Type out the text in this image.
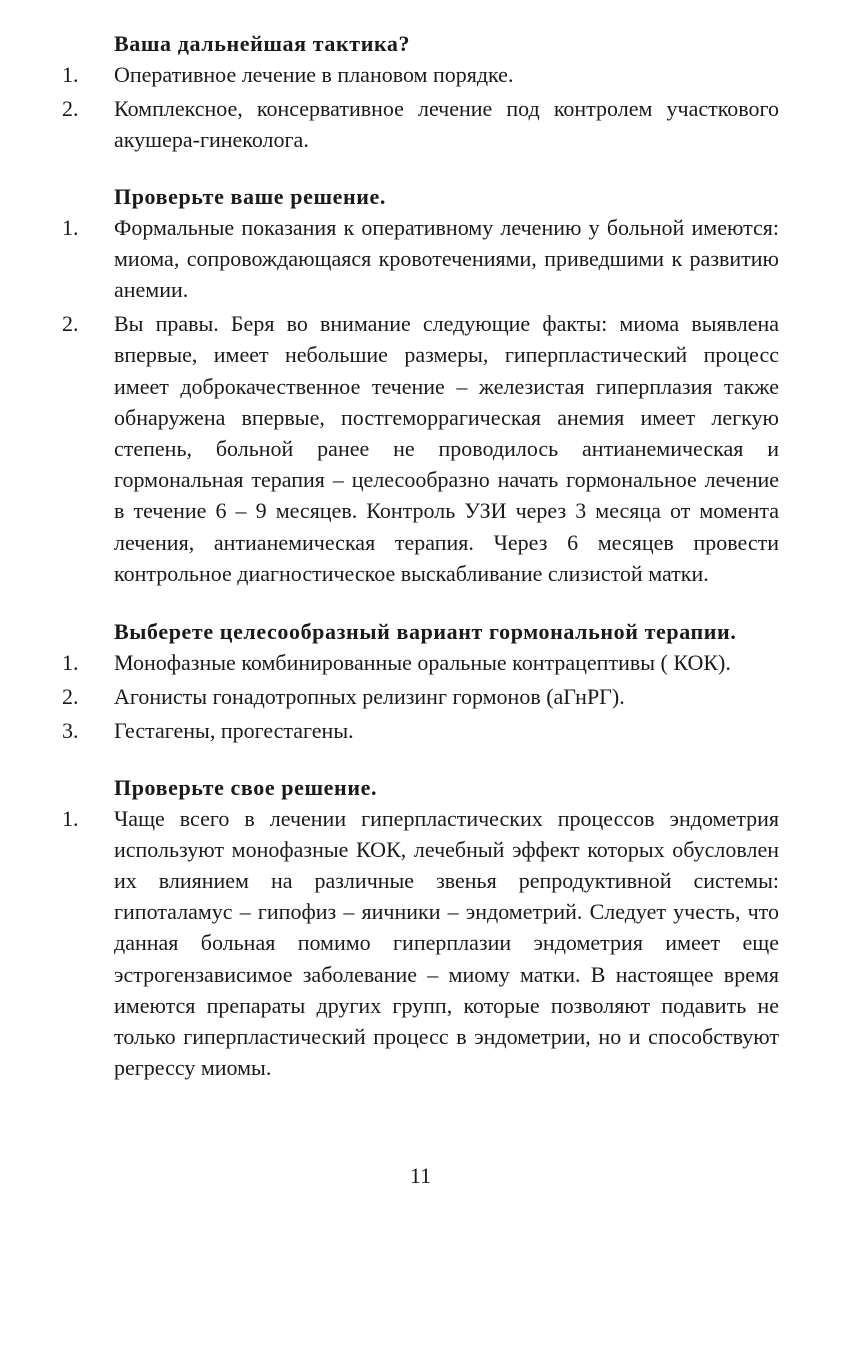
Ваша дальнейшая тактика?

1.	Оперативное лечение в плановом порядке.
2.	Комплексное, консервативное лечение под контролем участкового акушера-гинеколога.

Проверьте ваше решение.

1.	Формальные показания к оперативному лечению у больной имеются: миома, сопровождающаяся кровотечениями, приведшими к развитию анемии.
2.	Вы правы. Беря во внимание следующие факты: миома выявлена впервые, имеет небольшие размеры, гиперпластический процесс имеет доброкачественное течение – железистая гиперплазия также обнаружена впервые, постгеморрагическая анемия имеет легкую степень, больной ранее не проводилось антианемическая и гормональная терапия – целесообразно начать гормональное лечение в течение 6 – 9 месяцев. Контроль УЗИ через 3 месяца от момента лечения, антианемическая терапия. Через 6 месяцев провести контрольное диагностическое выскабливание слизистой матки.

Выберете целесообразный вариант гормональной терапии.

1.	Монофазные комбинированные оральные контрацептивы ( КОК).
2.	Агонисты гонадотропных релизинг гормонов (аГнРГ).
3.	Гестагены, прогестагены.

Проверьте свое решение.

1.	Чаще всего в лечении гиперпластических процессов эндометрия используют монофазные КОК, лечебный эффект которых обусловлен их влиянием на различные звенья репродуктивной системы: гипоталамус – гипофиз – яичники – эндометрий. Следует учесть, что данная больная помимо гиперплазии эндометрия имеет еще эстрогензависимое заболевание – миому матки. В настоящее время имеются препараты других групп, которые позволяют подавить не только гиперпластический процесс в эндометрии, но и способствуют регрессу миомы.
11
